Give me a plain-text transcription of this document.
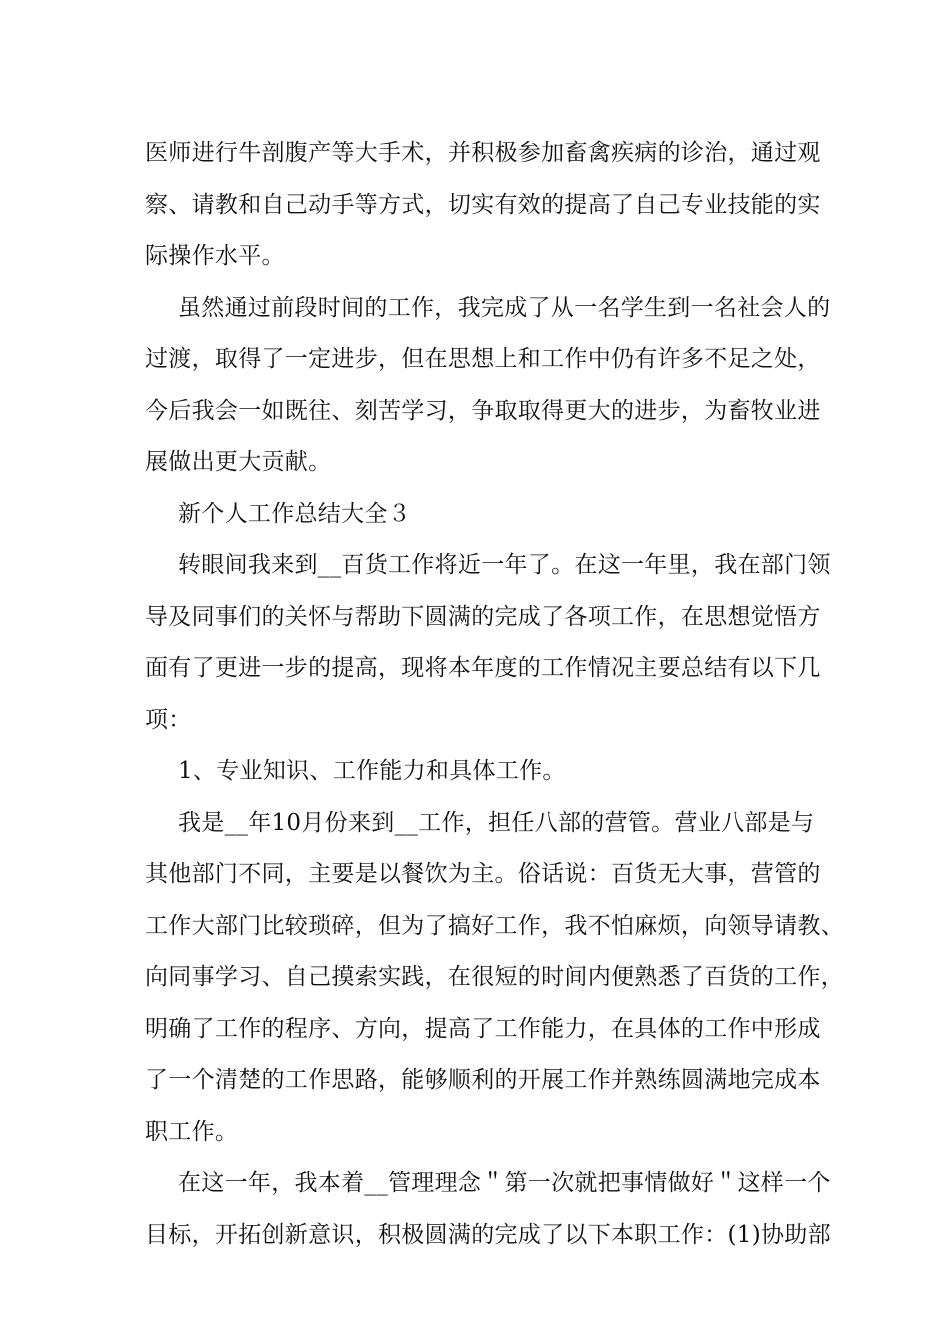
医师进行牛剖腹产等大手术，并积极参加畜禽疾病的诊治，通过观
察、请教和自己动手等方式，切实有效的提高了自己专业技能的实
际操作水平。

虽然通过前段时间的工作，我完成了从一名学生到一名社会人的
过渡，取得了一定进步，但在思想上和工作中仍有许多不足之处，
今后我会一如既往、刻苦学习，争取取得更大的进步，为畜牧业进
展做出更大贡献。

新个人工作总结大全３

转眼间我来到__百货工作将近一年了。在这一年里，我在部门领
导及同事们的关怀与帮助下圆满的完成了各项工作，在思想觉悟方
面有了更进一步的提高，现将本年度的工作情况主要总结有以下几
项：

1、专业知识、工作能力和具体工作。

我是__年10月份来到__工作，担任八部的营管。营业八部是与
其他部门不同，主要是以餐饮为主。俗话说：百货无大事，营管的
工作大部门比较琐碎，但为了搞好工作，我不怕麻烦，向领导请教、
向同事学习、自己摸索实践，在很短的时间内便熟悉了百货的工作，
明确了工作的程序、方向，提高了工作能力，在具体的工作中形成
了一个清楚的工作思路，能够顺利的开展工作并熟练圆满地完成本
职工作。

在这一年，我本着__管理理念＂第一次就把事情做好＂这样一个
目标，开拓创新意识，积极圆满的完成了以下本职工作：(1)协助部
